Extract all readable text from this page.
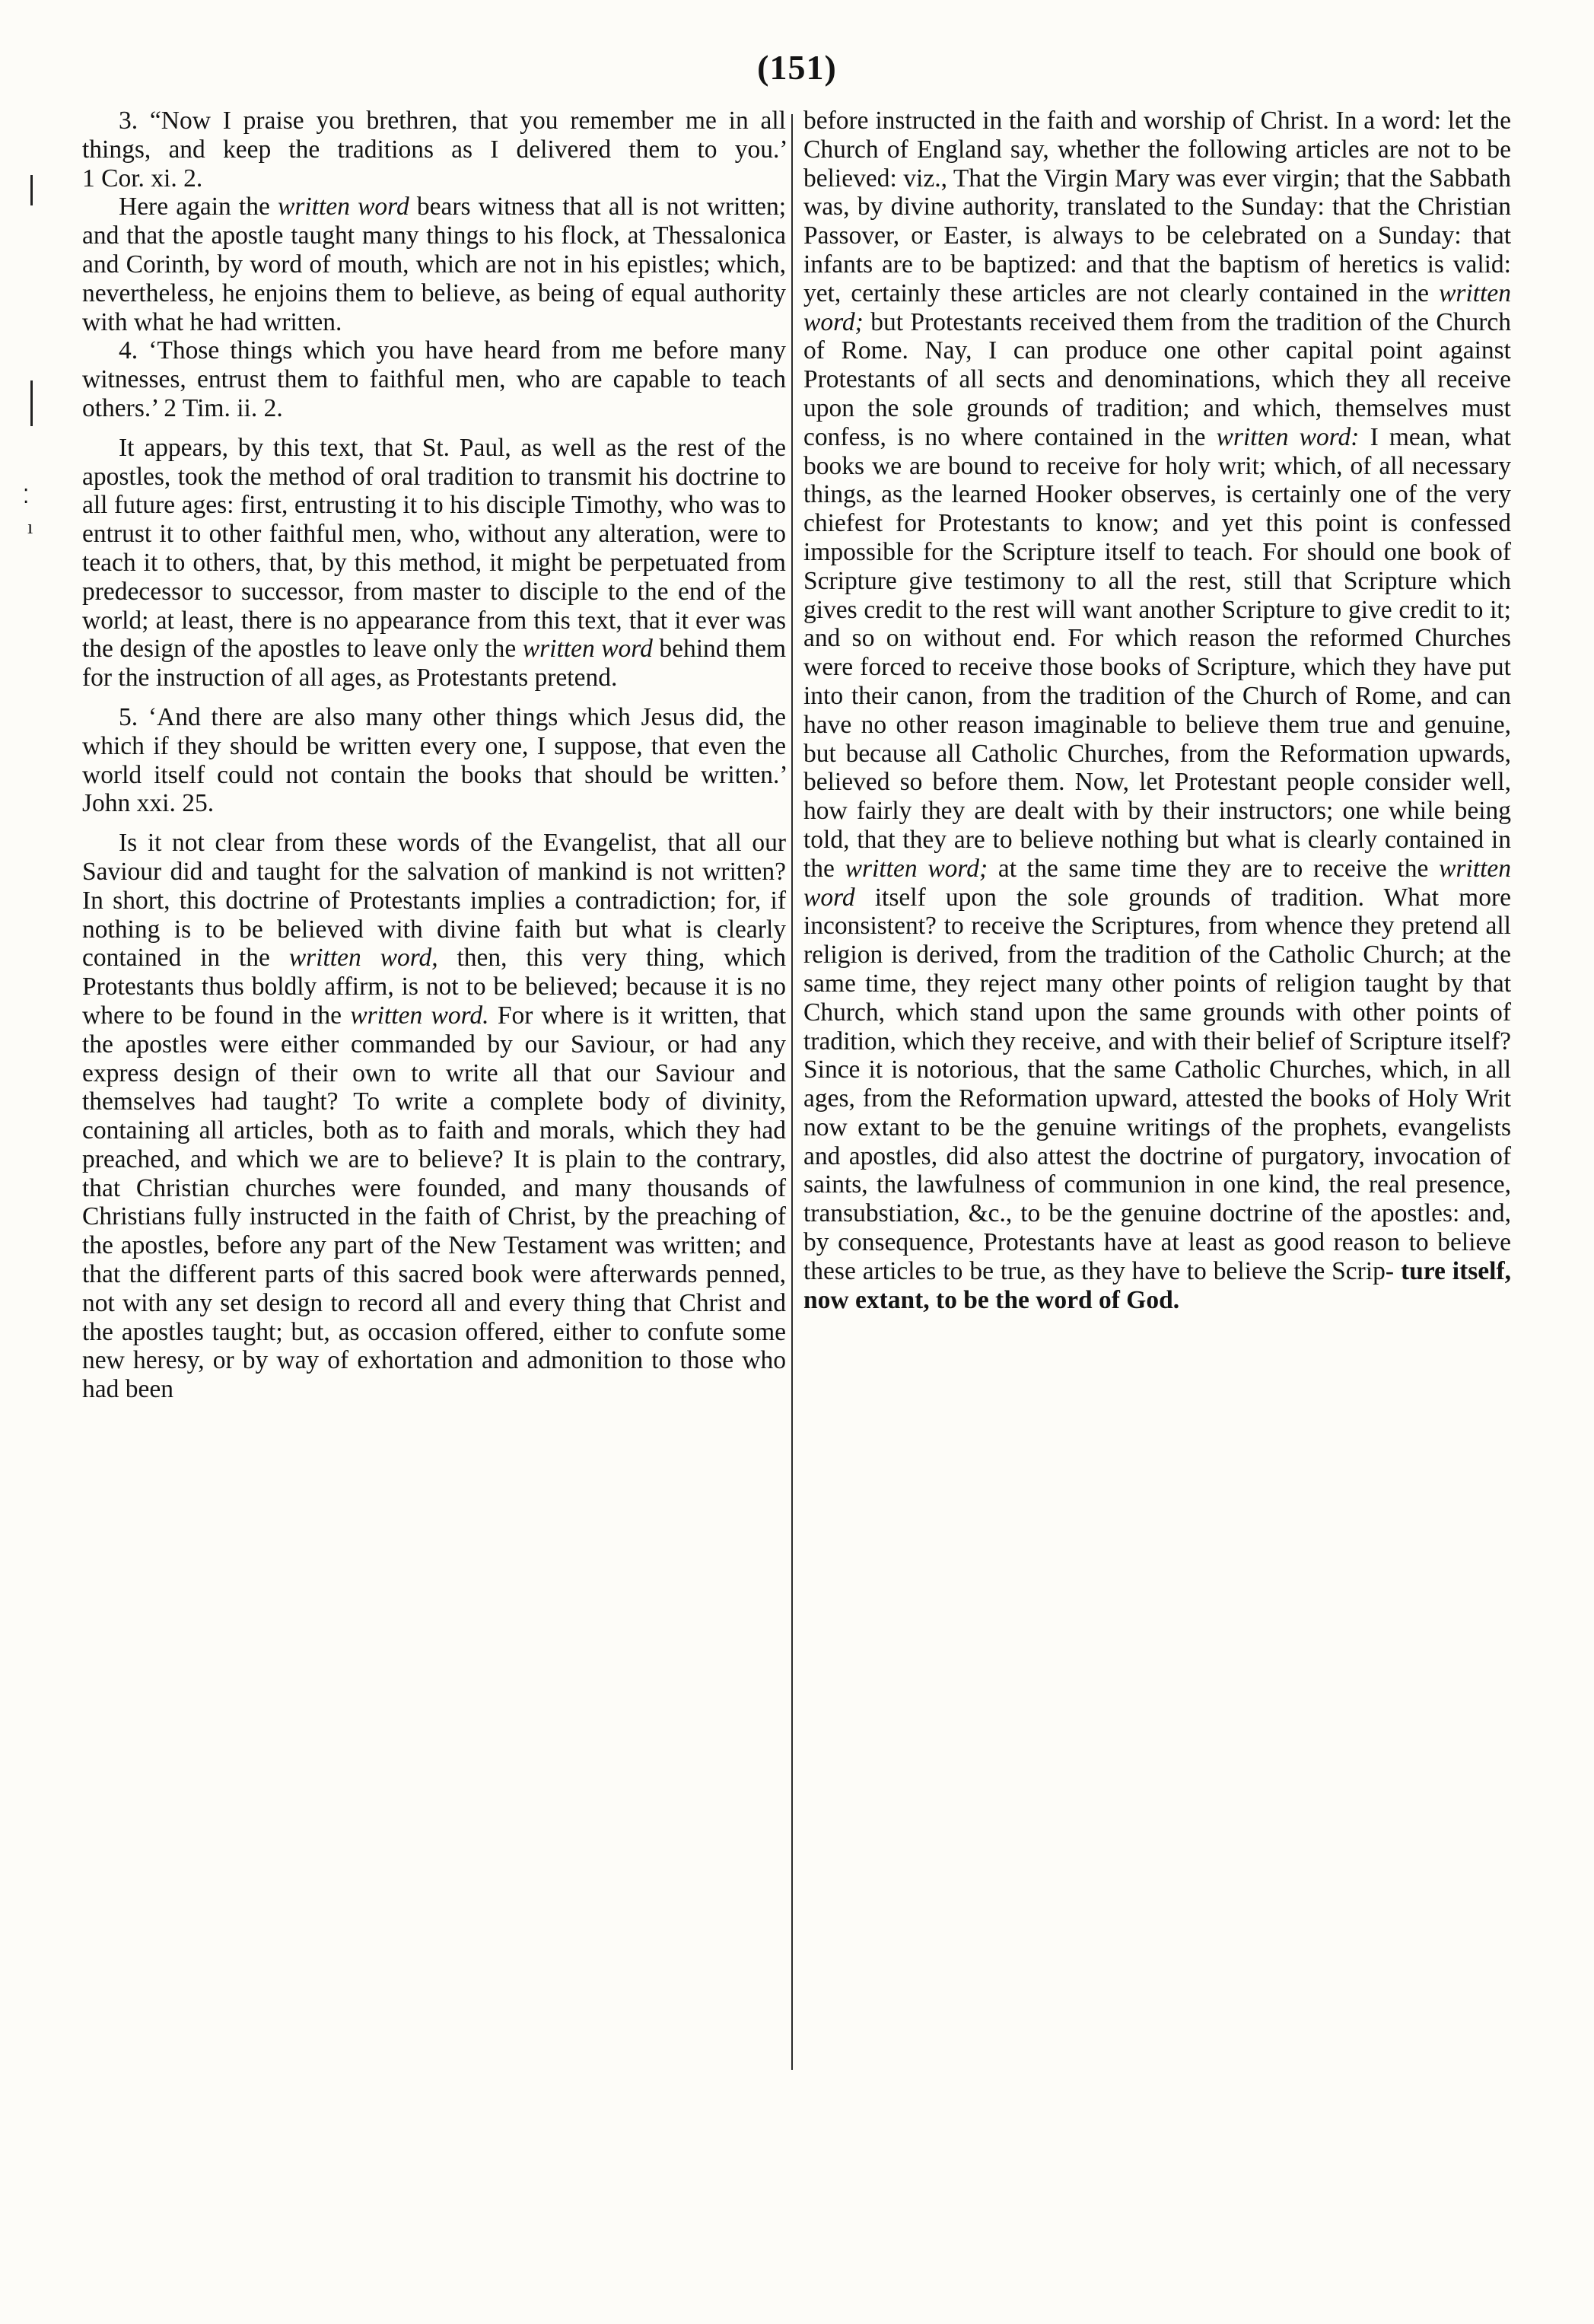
(151)
⁚
ı

3. “Now I praise you brethren, that you remember me in all things, and keep the traditions as I delivered them to you.’ 1 Cor. xi. 2.

Here again the written word bears witness that all is not written; and that the apostle taught many things to his flock, at Thessalonica and Corinth, by word of mouth, which are not in his epistles; which, nevertheless, he enjoins them to believe, as being of equal authority with what he had written.

4. ‘Those things which you have heard from me before many witnesses, entrust them to faithful men, who are capable to teach others.’ 2 Tim. ii. 2.

It appears, by this text, that St. Paul, as well as the rest of the apostles, took the method of oral tradition to transmit his doctrine to all future ages: first, entrusting it to his disciple Timothy, who was to entrust it to other faithful men, who, without any alteration, were to teach it to others, that, by this method, it might be perpetuated from predecessor to successor, from master to disciple to the end of the world; at least, there is no appearance from this text, that it ever was the design of the apostles to leave only the written word behind them for the instruction of all ages, as Protestants pretend.

5. ‘And there are also many other things which Jesus did, the which if they should be written every one, I suppose, that even the world itself could not contain the books that should be written.’ John xxi. 25.

Is it not clear from these words of the Evangelist, that all our Saviour did and taught for the salvation of mankind is not written? In short, this doctrine of Protestants implies a contradiction; for, if nothing is to be believed with divine faith but what is clearly contained in the written word, then, this very thing, which Protestants thus boldly affirm, is not to be believed; because it is no where to be found in the written word. For where is it written, that the apostles were either commanded by our Saviour, or had any express design of their own to write all that our Saviour and themselves had taught? To write a complete body of divinity, containing all articles, both as to faith and morals, which they had preached, and which we are to believe? It is plain to the contrary, that Christian churches were founded, and many thousands of Christians fully instructed in the faith of Christ, by the preaching of the apostles, before any part of the New Testament was written; and that the different parts of this sacred book were afterwards penned, not with any set design to record all and every thing that Christ and the apostles taught; but, as occasion offered, either to confute some new heresy, or by way of exhortation and admonition to those who had been

before instructed in the faith and worship of Christ. In a word: let the Church of England say, whether the following articles are not to be believed: viz., That the Virgin Mary was ever virgin; that the Sabbath was, by divine authority, translated to the Sunday: that the Christian Passover, or Easter, is always to be celebrated on a Sunday: that infants are to be baptized: and that the baptism of heretics is valid: yet, certainly these articles are not clearly contained in the written word; but Protestants received them from the tradition of the Church of Rome. Nay, I can produce one other capital point against Protestants of all sects and denominations, which they all receive upon the sole grounds of tradition; and which, themselves must confess, is no where contained in the written word: I mean, what books we are bound to receive for holy writ; which, of all necessary things, as the learned Hooker observes, is certainly one of the very chiefest for Protestants to know; and yet this point is confessed impossible for the Scripture itself to teach. For should one book of Scripture give testimony to all the rest, still that Scripture which gives credit to the rest will want another Scripture to give credit to it; and so on without end. For which reason the reformed Churches were forced to receive those books of Scripture, which they have put into their canon, from the tradition of the Church of Rome, and can have no other reason imaginable to believe them true and genuine, but because all Catholic Churches, from the Reformation upwards, believed so before them. Now, let Protestant people consider well, how fairly they are dealt with by their instructors; one while being told, that they are to believe nothing but what is clearly contained in the written word; at the same time they are to receive the written word itself upon the sole grounds of tradition. What more inconsistent? to receive the Scriptures, from whence they pretend all religion is derived, from the tradition of the Catholic Church; at the same time, they reject many other points of religion taught by that Church, which stand upon the same grounds with other points of tradition, which they receive, and with their belief of Scripture itself? Since it is notorious, that the same Catholic Churches, which, in all ages, from the Reformation upward, attested the books of Holy Writ now extant to be the genuine writings of the prophets, evangelists and apostles, did also attest the doctrine of purgatory, invocation of saints, the lawfulness of communion in one kind, the real presence, transubstiation, &c., to be the genuine doctrine of the apostles: and, by consequence, Protestants have at least as good reason to believe these articles to be true, as they have to believe the Scrip- ture itself, now extant, to be the word of God.
